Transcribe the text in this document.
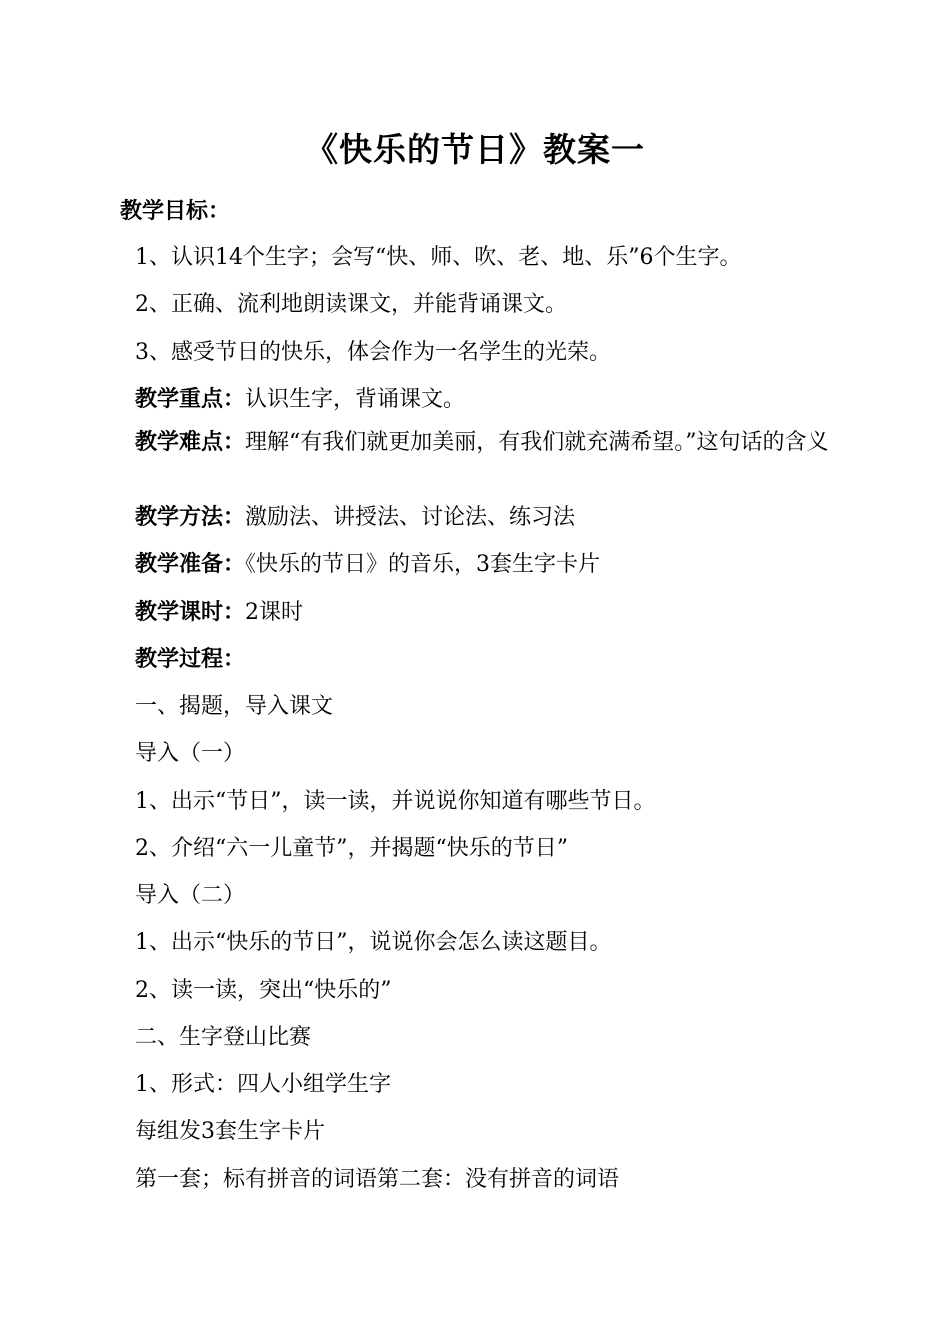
《快乐的节日》教案一
教学目标：
1、认识14个生字；会写“快、师、吹、老、地、乐”6个生字。
2、正确、流利地朗读课文，并能背诵课文。
3、感受节日的快乐，体会作为一名学生的光荣。
教学重点：认识生字，背诵课文。
教学难点：理解“有我们就更加美丽，有我们就充满希望。”这句话的含义
教学方法：激励法、讲授法、讨论法、练习法
教学准备：《快乐的节日》的音乐，3套生字卡片
教学课时：2课时
教学过程：
一、揭题，导入课文
导入（一）
1、出示“节日”，读一读，并说说你知道有哪些节日。
2、介绍“六一儿童节”，并揭题“快乐的节日”
导入（二）
1、出示“快乐的节日”，说说你会怎么读这题目。
2、读一读，突出“快乐的”
二、生字登山比赛
1、形式：四人小组学生字
每组发3套生字卡片
第一套；标有拼音的词语第二套：没有拼音的词语
